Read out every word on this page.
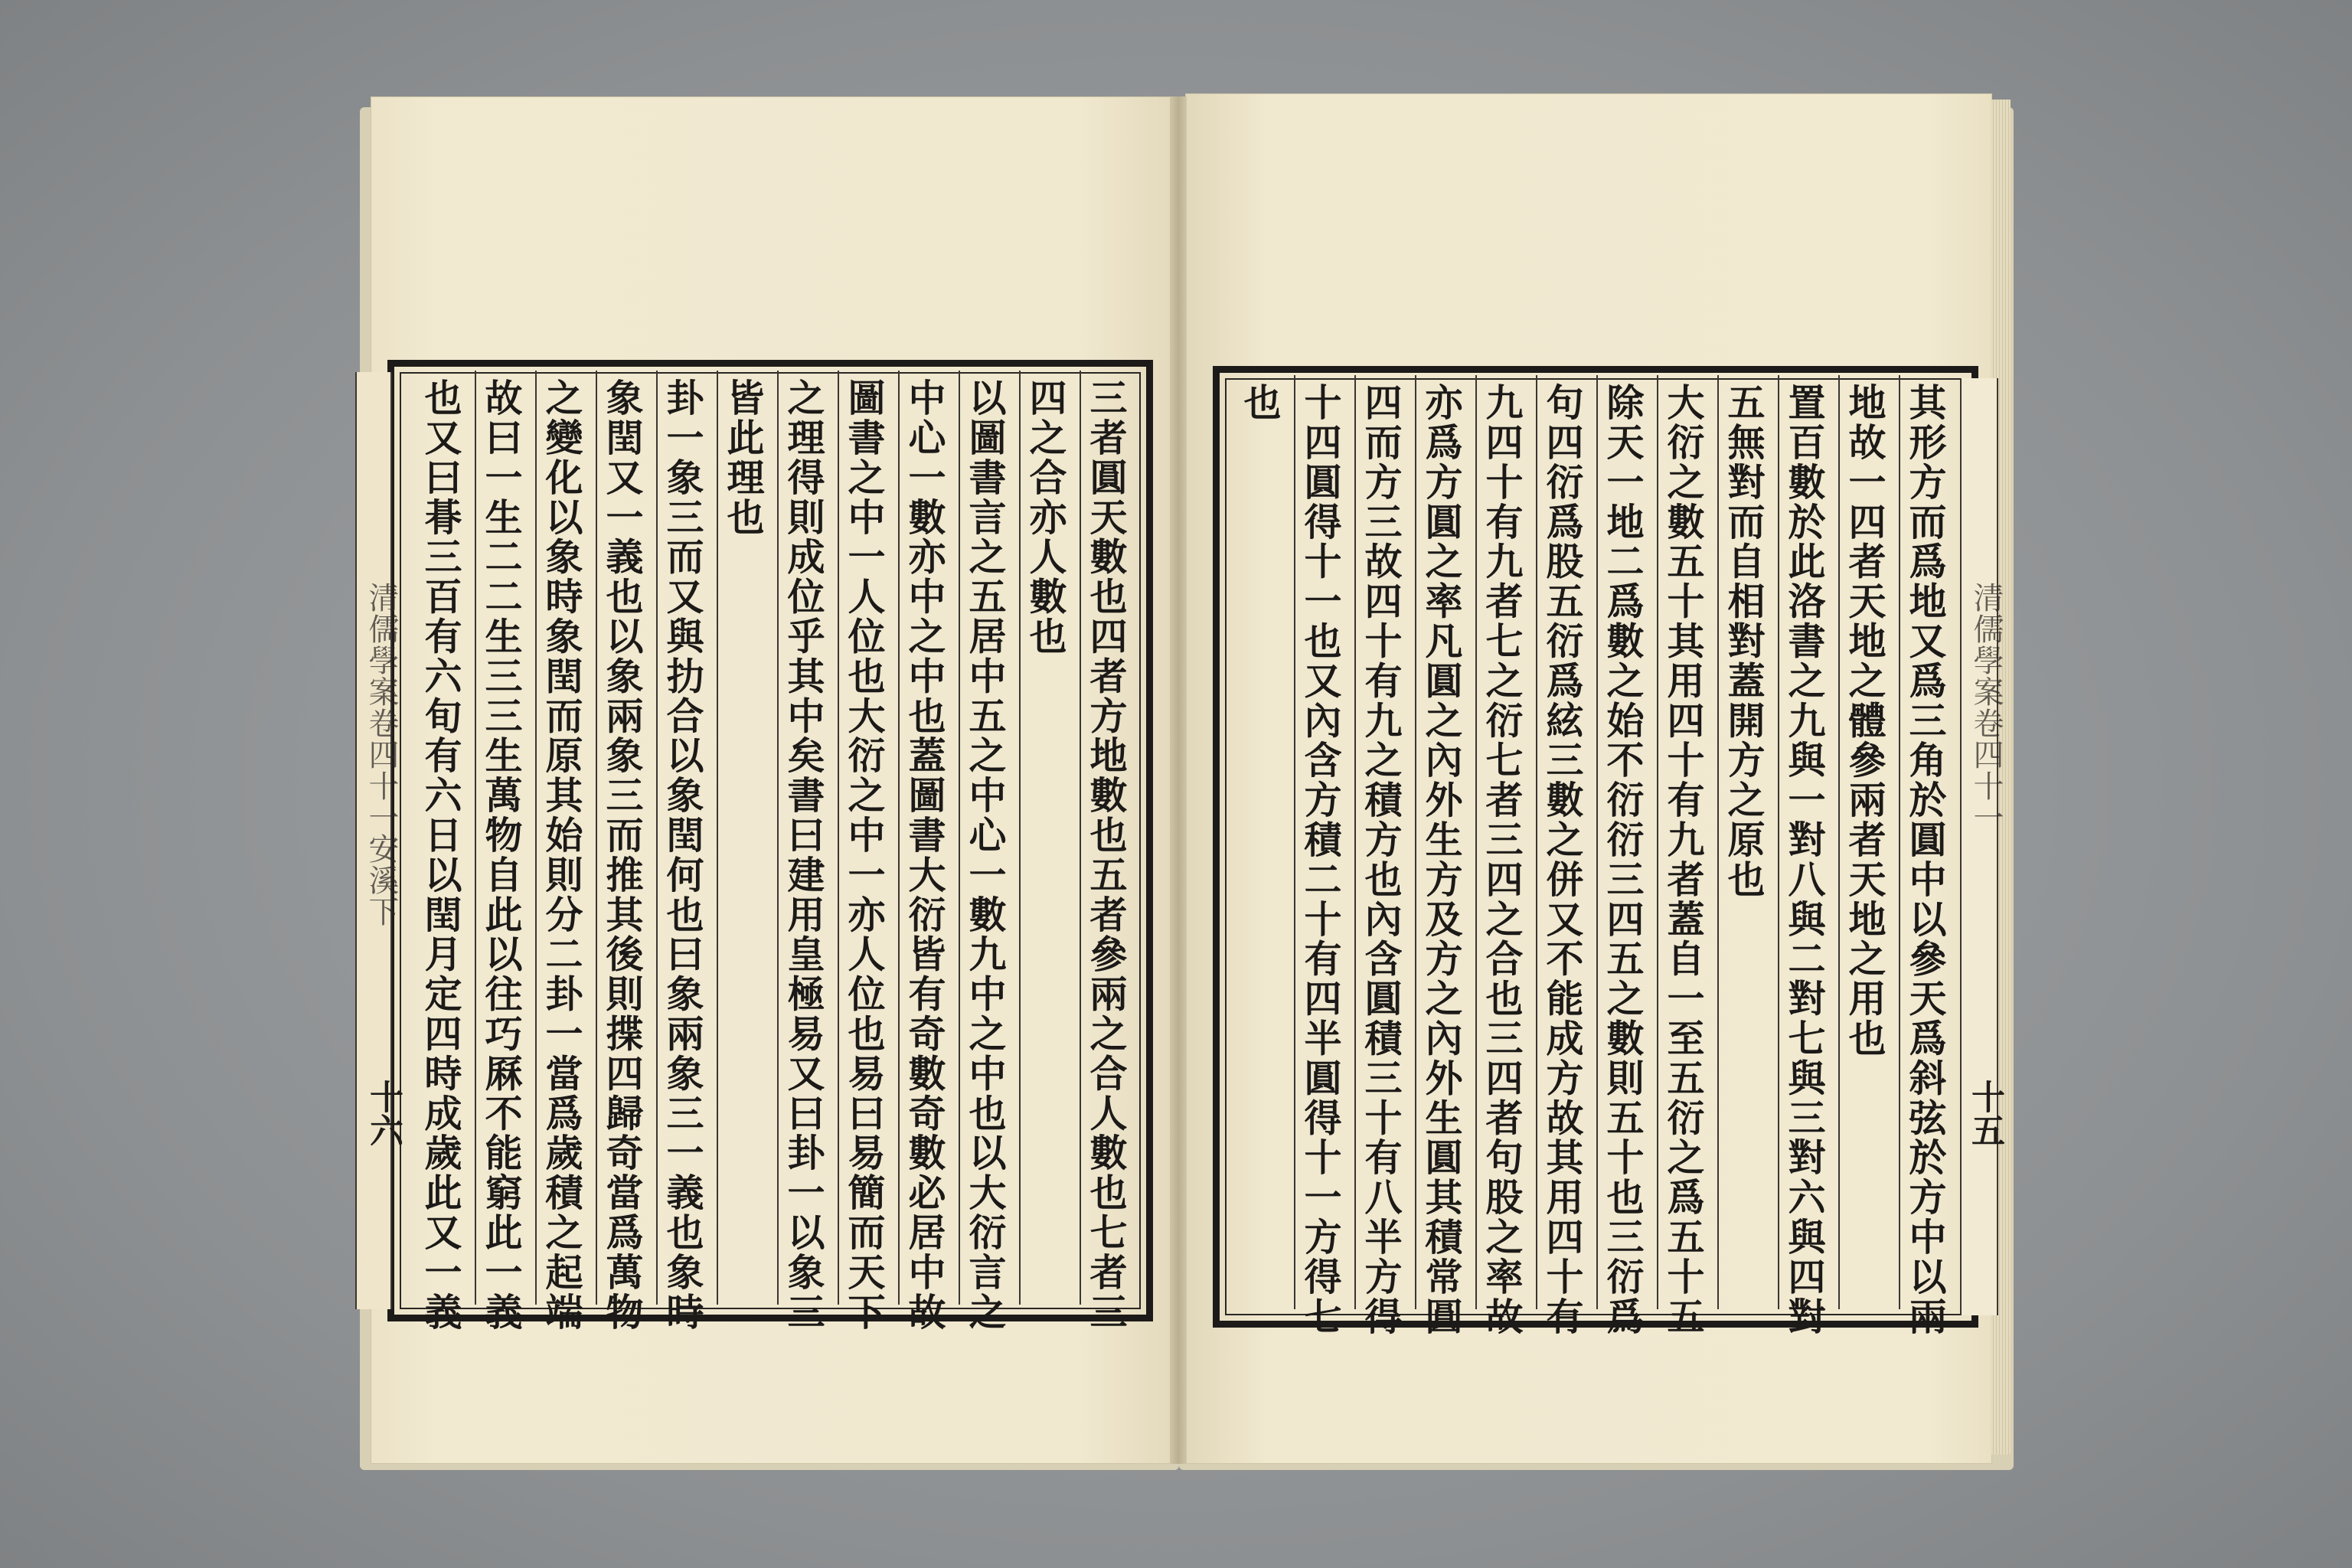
清儒學案卷四十一安溪下
十六	三者圓天數也四者方地數也五者參兩之合人數也七者三
四之合亦人數也
以圖書言之五居中五之中心一數九中之中也以大衍言之
中心一數亦中之中也蓋圖書大衍皆有奇數奇數必居中故
圖書之中一人位也大衍之中一亦人位也易曰易簡而天下
之理得則成位乎其中矣書曰建用皇極易又曰卦一以象三
皆此理也
卦一象三而又與扐合以象閏何也曰象兩象三一義也象時
象閏又一義也以象兩象三而推其後則揲四歸奇當爲萬物
之變化以象時象閏而原其始則分二卦一當爲歲積之起端
故曰一生二二生三三生萬物自此以往巧厤不能窮此一義
也又曰朞三百有六旬有六日以閏月定四時成歲此又一義	清儒學案卷四十一
十五
其形方而爲地又爲三角於圓中以參天爲斜弦於方中以兩
地故一四者天地之體參兩者天地之用也
置百數於此洛書之九與一對八與二對七與三對六與四對
五無對而自相對蓋開方之原也
大衍之數五十其用四十有九者蓋自一至五衍之爲五十五
除天一地二爲數之始不衍衍三四五之數則五十也三衍爲
句四衍爲股五衍爲絃三數之併又不能成方故其用四十有
九四十有九者七之衍七者三四之合也三四者句股之率故
亦爲方圓之率凡圓之內外生方及方之內外生圓其積常圓
四而方三故四十有九之積方也內含圓積三十有八半方得
十四圓得十一也又內含方積二十有四半圓得十一方得七
也
